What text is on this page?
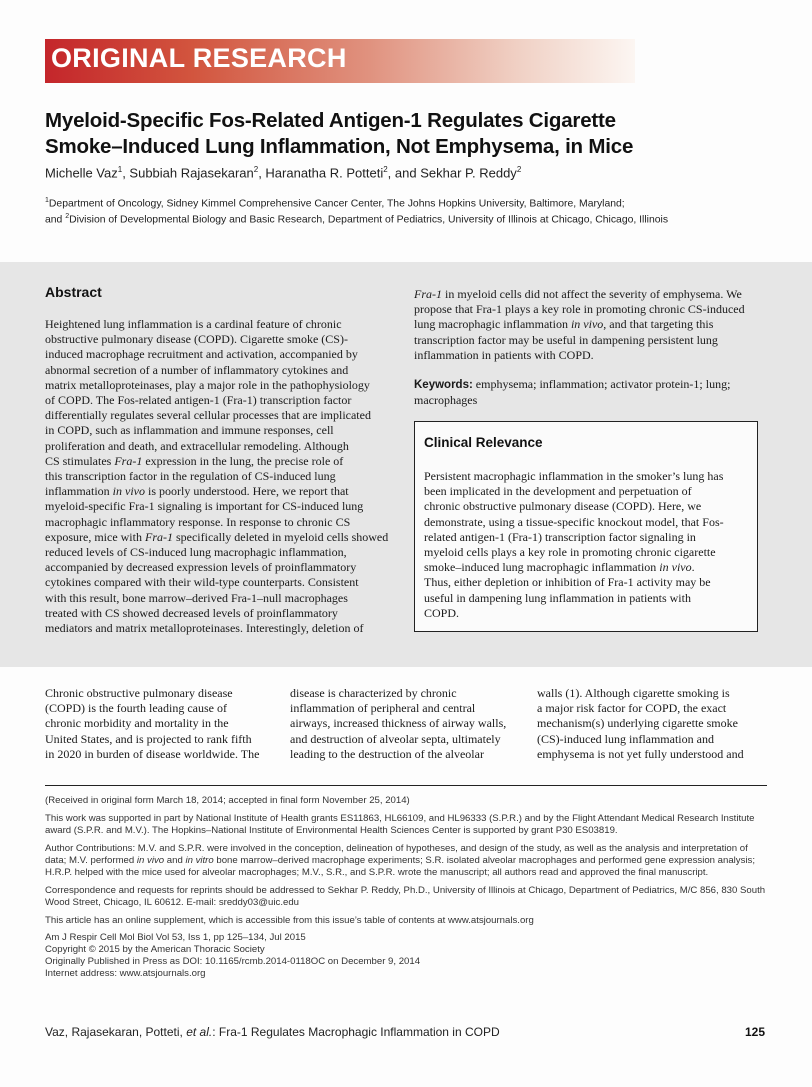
ORIGINAL RESEARCH
Myeloid-Specific Fos-Related Antigen-1 Regulates Cigarette
Smoke–Induced Lung Inflammation, Not Emphysema, in Mice
Michelle Vaz$^1$, Subbiah Rajasekaran$^2$, Haranatha R. Potteti$^2$, and Sekhar P. Reddy$^2$
$^1$Department of Oncology, Sidney Kimmel Comprehensive Cancer Center, The Johns Hopkins University, Baltimore, Maryland;
and $^2$Division of Developmental Biology and Basic Research, Department of Pediatrics, University of Illinois at Chicago, Chicago, Illinois
Abstract
Heightened lung inflammation is a cardinal feature of chronic
obstructive pulmonary disease (COPD). Cigarette smoke (CS)-
induced macrophage recruitment and activation, accompanied by
abnormal secretion of a number of inflammatory cytokines and
matrix metalloproteinases, play a major role in the pathophysiology
of COPD. The Fos-related antigen-1 (Fra-1) transcription factor
differentially regulates several cellular processes that are implicated
in COPD, such as inflammation and immune responses, cell
proliferation and death, and extracellular remodeling. Although
CS stimulates Fra-1 expression in the lung, the precise role of
this transcription factor in the regulation of CS-induced lung
inflammation in vivo is poorly understood. Here, we report that
myeloid-specific Fra-1 signaling is important for CS-induced lung
macrophagic inflammatory response. In response to chronic CS
exposure, mice with Fra-1 specifically deleted in myeloid cells showed
reduced levels of CS-induced lung macrophagic inflammation,
accompanied by decreased expression levels of proinflammatory
cytokines compared with their wild-type counterparts. Consistent
with this result, bone marrow–derived Fra-1–null macrophages
treated with CS showed decreased levels of proinflammatory
mediators and matrix metalloproteinases. Interestingly, deletion of
Fra-1 in myeloid cells did not affect the severity of emphysema. We
propose that Fra-1 plays a key role in promoting chronic CS-induced
lung macrophagic inflammation in vivo, and that targeting this
transcription factor may be useful in dampening persistent lung
inflammation in patients with COPD.
Keywords: emphysema; inflammation; activator protein-1; lung; macrophages
Clinical Relevance
Persistent macrophagic inflammation in the smoker’s lung has
been implicated in the development and perpetuation of
chronic obstructive pulmonary disease (COPD). Here, we
demonstrate, using a tissue-specific knockout model, that Fos-
related antigen-1 (Fra-1) transcription factor signaling in
myeloid cells plays a key role in promoting chronic cigarette
smoke–induced lung macrophagic inflammation in vivo.
Thus, either depletion or inhibition of Fra-1 activity may be
useful in dampening lung inflammation in patients with
COPD.
Chronic obstructive pulmonary disease
(COPD) is the fourth leading cause of
chronic morbidity and mortality in the
United States, and is projected to rank fifth
in 2020 in burden of disease worldwide. The
disease is characterized by chronic
inflammation of peripheral and central
airways, increased thickness of airway walls,
and destruction of alveolar septa, ultimately
leading to the destruction of the alveolar
walls (1). Although cigarette smoking is
a major risk factor for COPD, the exact
mechanism(s) underlying cigarette smoke
(CS)-induced lung inflammation and
emphysema is not yet fully understood and

(Received in original form March 18, 2014; accepted in final form November 25, 2014)

This work was supported in part by National Institute of Health grants ES11863, HL66109, and HL96333 (S.P.R.) and by the Flight Attendant Medical Research Institute award (S.P.R. and M.V.). The Hopkins–National Institute of Environmental Health Sciences Center is supported by grant P30 ES03819.

Author Contributions: M.V. and S.P.R. were involved in the conception, delineation of hypotheses, and design of the study, as well as the analysis and interpretation of data; M.V. performed in vivo and in vitro bone marrow–derived macrophage experiments; S.R. isolated alveolar macrophages and performed gene expression analysis; H.R.P. helped with the mice used for alveolar macrophages; M.V., S.R., and S.P.R. wrote the manuscript; all authors read and approved the final manuscript.

Correspondence and requests for reprints should be addressed to Sekhar P. Reddy, Ph.D., University of Illinois at Chicago, Department of Pediatrics, M/C 856, 830 South Wood Street, Chicago, IL 60612. E-mail: sreddy03@uic.edu

This article has an online supplement, which is accessible from this issue’s table of contents at www.atsjournals.org

Am J Respir Cell Mol Biol Vol 53, Iss 1, pp 125–134, Jul 2015
Copyright © 2015 by the American Thoracic Society
Originally Published in Press as DOI: 10.1165/rcmb.2014-0118OC on December 9, 2014
Internet address: www.atsjournals.org
Vaz, Rajasekaran, Potteti, et al.: Fra-1 Regulates Macrophagic Inflammation in COPD	125
